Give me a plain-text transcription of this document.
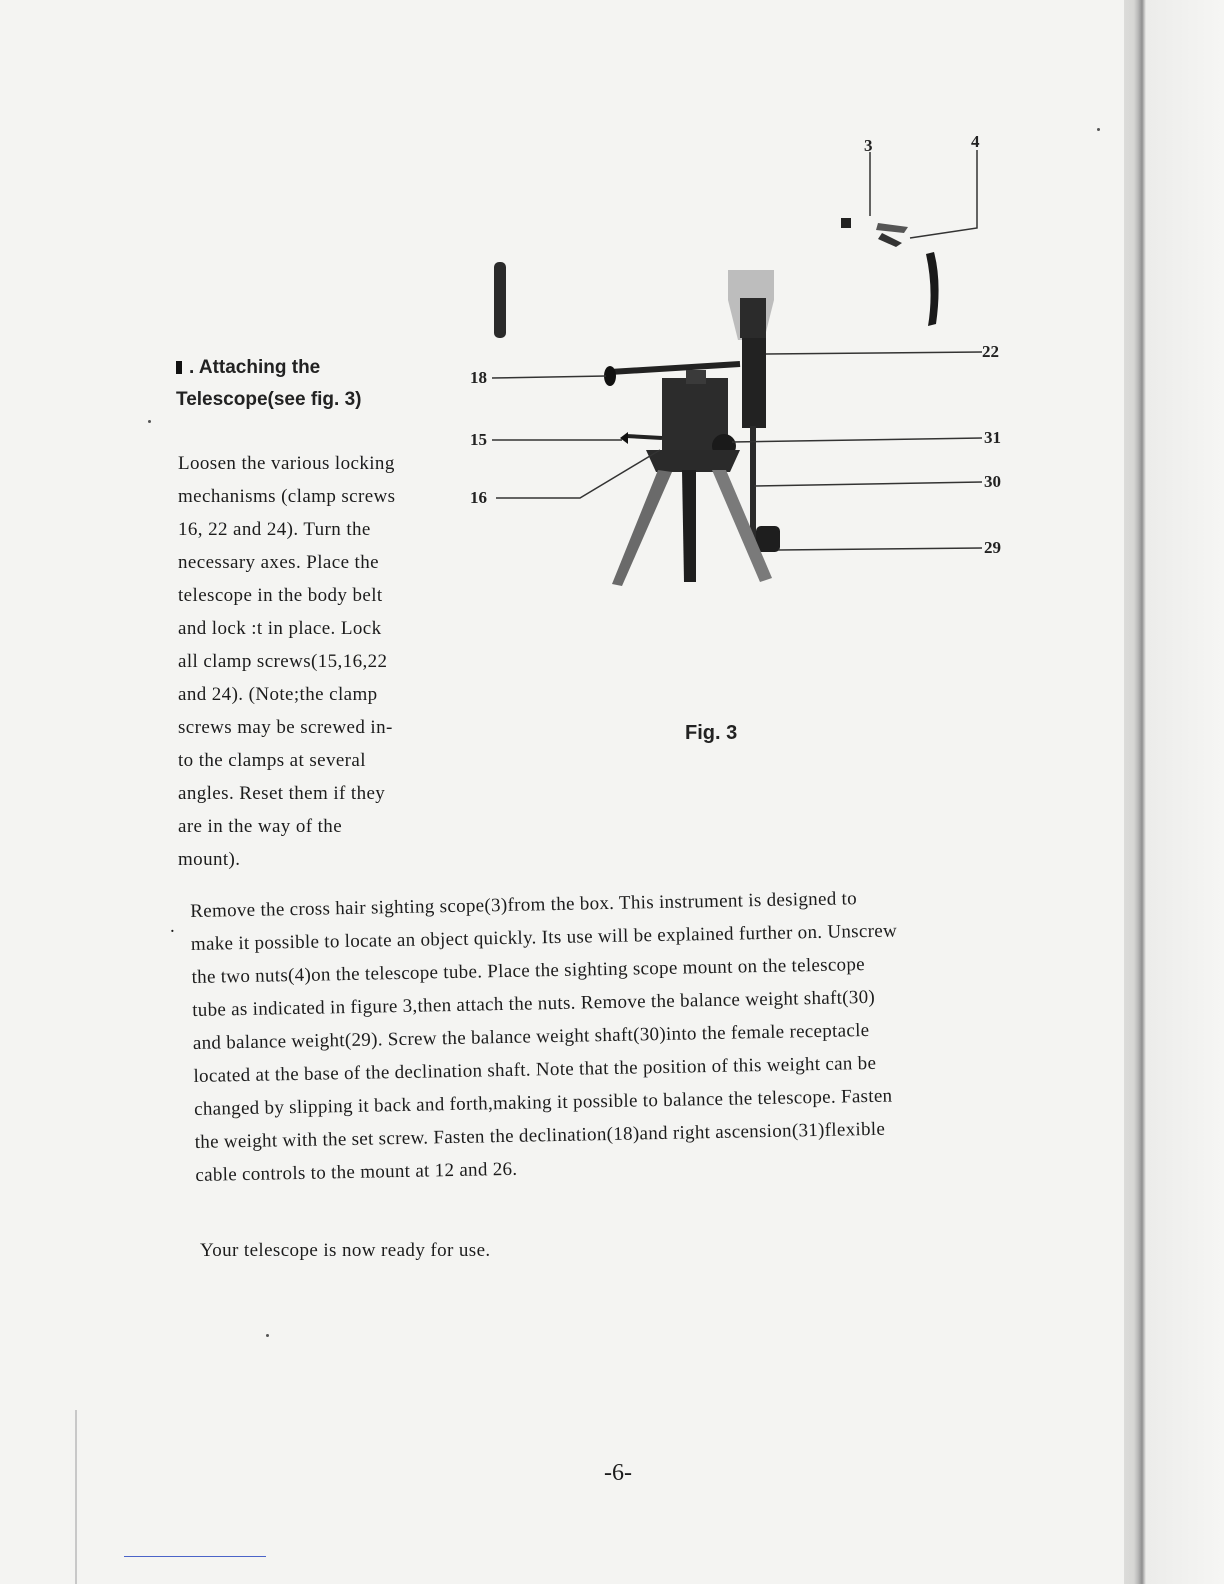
. Attaching the
Telescope(see fig. 3)
Loosen the various locking
mechanisms (clamp screws
16, 22 and 24). Turn the
necessary axes. Place the
telescope in the body belt
and lock :t in place. Lock
all clamp screws(15,16,22
and 24). (Note;the clamp
screws may be screwed in-
to the clamps at several
angles. Reset them if they
are in the way of the
mount).
3	4
18
15
16
22
31
30
29
Fig. 3
.
Remove the cross hair sighting scope(3)from the box. This instrument is designed to
make it possible to locate an object quickly. Its use will be explained further on. Unscrew
the two nuts(4)on the telescope tube. Place the sighting scope mount on the telescope
tube as indicated in figure 3,then attach the nuts. Remove the balance weight shaft(30)
and balance weight(29). Screw the balance weight shaft(30)into the female receptacle
located at the base of the declination shaft. Note that the position of this weight can be
changed by slipping it back and forth,making it possible to balance the telescope. Fasten
the weight with the set screw. Fasten the declination(18)and right ascension(31)flexible
cable controls to the mount at 12 and 26.
Your telescope is now ready for use.
-6-
